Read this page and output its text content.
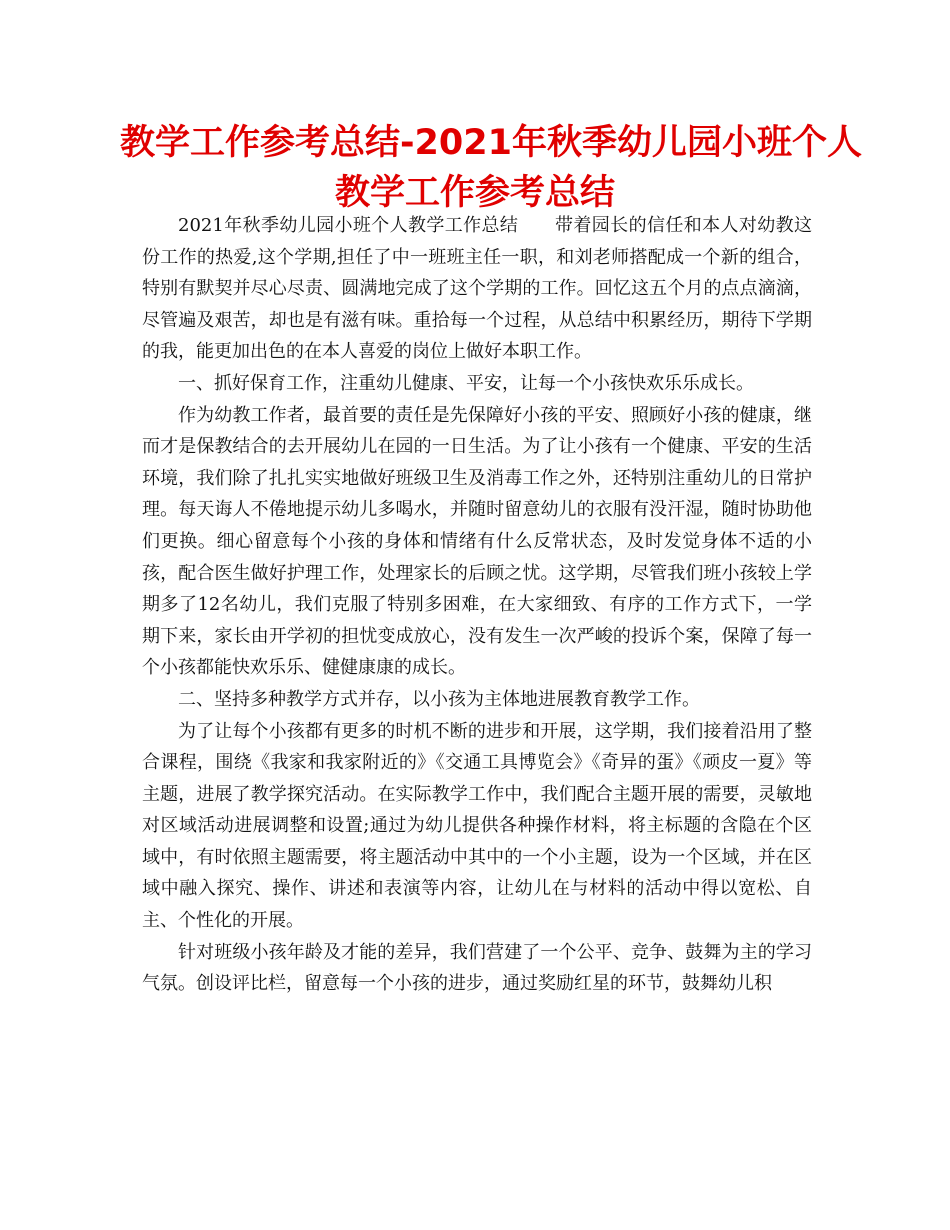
教学工作参考总结-2021年秋季幼儿园小班个人
教学工作参考总结

2021年秋季幼儿园小班个人教学工作总结　　带着园长的信任和本人对幼教这份工作的热爱,这个学期,担任了中一班班主任一职，和刘老师搭配成一个新的组合，特别有默契并尽心尽责、圆满地完成了这个学期的工作。回忆这五个月的点点滴滴，尽管遍及艰苦，却也是有滋有味。重拾每一个过程，从总结中积累经历，期待下学期的我，能更加出色的在本人喜爱的岗位上做好本职工作。

一、抓好保育工作，注重幼儿健康、平安，让每一个小孩快欢乐乐成长。

作为幼教工作者，最首要的责任是先保障好小孩的平安、照顾好小孩的健康，继而才是保教结合的去开展幼儿在园的一日生活。为了让小孩有一个健康、平安的生活环境，我们除了扎扎实实地做好班级卫生及消毒工作之外，还特别注重幼儿的日常护理。每天诲人不倦地提示幼儿多喝水，并随时留意幼儿的衣服有没汗湿，随时协助他们更换。细心留意每个小孩的身体和情绪有什么反常状态，及时发觉身体不适的小孩，配合医生做好护理工作，处理家长的后顾之忧。这学期，尽管我们班小孩较上学期多了12名幼儿，我们克服了特别多困难，在大家细致、有序的工作方式下，一学期下来，家长由开学初的担忧变成放心，没有发生一次严峻的投诉个案，保障了每一个小孩都能快欢乐乐、健健康康的成长。

二、坚持多种教学方式并存，以小孩为主体地进展教育教学工作。

为了让每个小孩都有更多的时机不断的进步和开展，这学期，我们接着沿用了整合课程，围绕《我家和我家附近的》《交通工具博览会》《奇异的蛋》《顽皮一夏》等主题，进展了教学探究活动。在实际教学工作中，我们配合主题开展的需要，灵敏地对区域活动进展调整和设置;通过为幼儿提供各种操作材料，将主标题的含隐在个区域中，有时依照主题需要，将主题活动中其中的一个小主题，设为一个区域，并在区域中融入探究、操作、讲述和表演等内容，让幼儿在与材料的活动中得以宽松、自主、个性化的开展。

针对班级小孩年龄及才能的差异，我们营建了一个公平、竞争、鼓舞为主的学习气氛。创设评比栏，留意每一个小孩的进步，通过奖励红星的环节，鼓舞幼儿积
